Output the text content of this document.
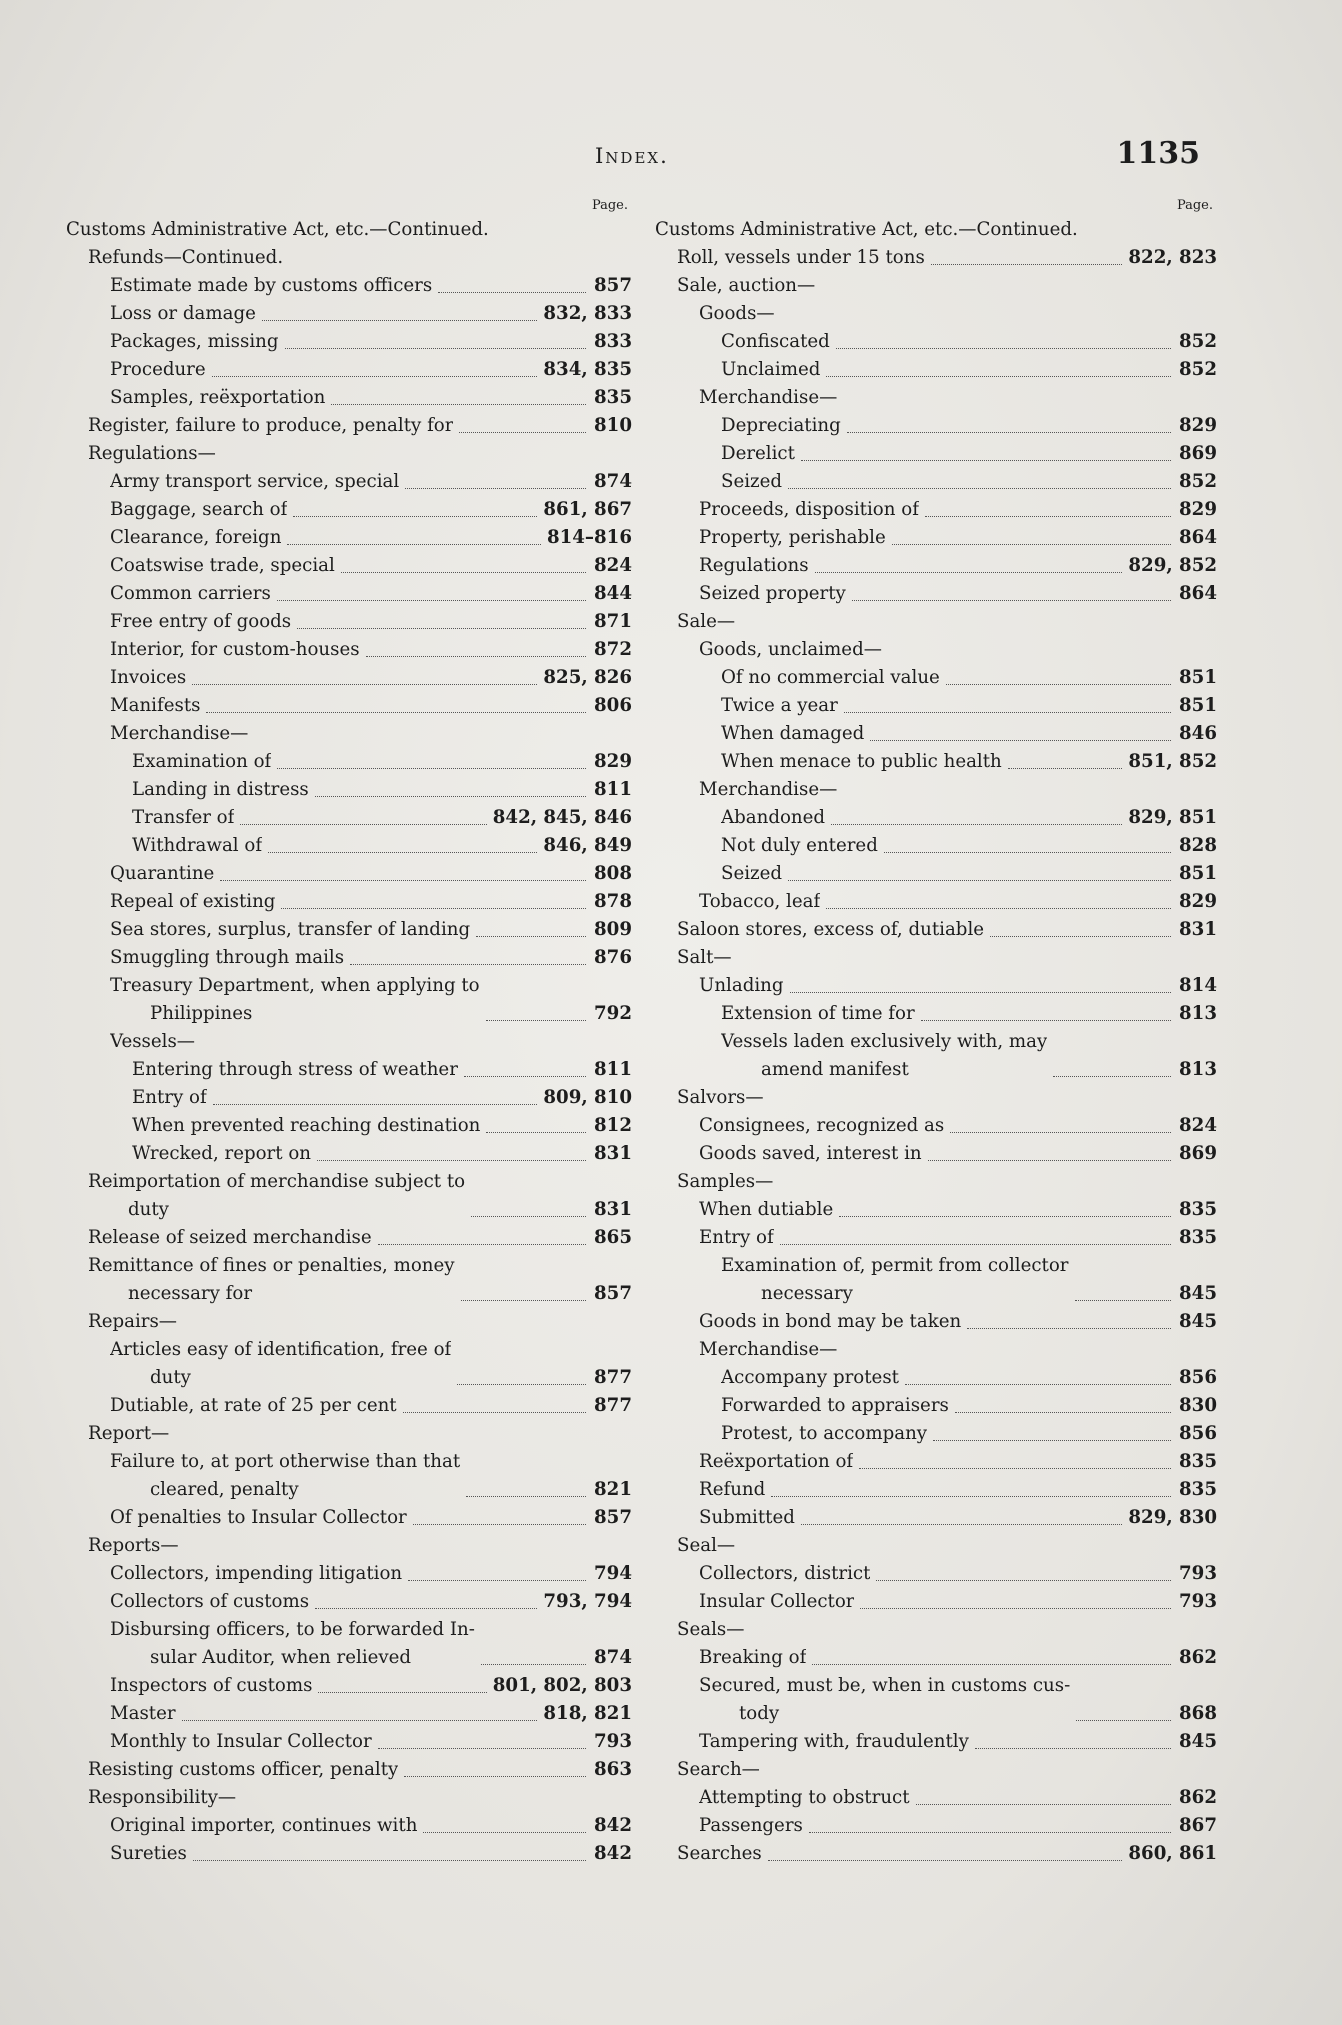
Index.	1135
Page.
Customs Administrative Act, etc.—Continued.
Refunds—Continued.
Estimate made by customs officers	857
Loss or damage	832, 833
Packages, missing	833
Procedure	834, 835
Samples, reëxportation	835
Register, failure to produce, penalty for	810
Regulations—
Army transport service, special	874
Baggage, search of	861, 867
Clearance, foreign	814–816
Coatswise trade, special	824
Common carriers	844
Free entry of goods	871
Interior, for custom-houses	872
Invoices	825, 826
Manifests	806
Merchandise—
Examination of	829
Landing in distress	811
Transfer of	842, 845, 846
Withdrawal of	846, 849
Quarantine	808
Repeal of existing	878
Sea stores, surplus, transfer of landing	809
Smuggling through mails	876
Treasury Department, when applying to
Philippines	792
Vessels—
Entering through stress of weather	811
Entry of	809, 810
When prevented reaching destination	812
Wrecked, report on	831
Reimportation of merchandise subject to
duty	831
Release of seized merchandise	865
Remittance of fines or penalties, money
necessary for	857
Repairs—
Articles easy of identification, free of
duty	877
Dutiable, at rate of 25 per cent	877
Report—
Failure to, at port otherwise than that
cleared, penalty	821
Of penalties to Insular Collector	857
Reports—
Collectors, impending litigation	794
Collectors of customs	793, 794
Disbursing officers, to be forwarded In-
sular Auditor, when relieved	874
Inspectors of customs	801, 802, 803
Master	818, 821
Monthly to Insular Collector	793
Resisting customs officer, penalty	863
Responsibility—
Original importer, continues with	842
Sureties	842
Page.
Customs Administrative Act, etc.—Continued.
Roll, vessels under 15 tons	822, 823
Sale, auction—
Goods—
Confiscated	852
Unclaimed	852
Merchandise—
Depreciating	829
Derelict	869
Seized	852
Proceeds, disposition of	829
Property, perishable	864
Regulations	829, 852
Seized property	864
Sale—
Goods, unclaimed—
Of no commercial value	851
Twice a year	851
When damaged	846
When menace to public health	851, 852
Merchandise—
Abandoned	829, 851
Not duly entered	828
Seized	851
Tobacco, leaf	829
Saloon stores, excess of, dutiable	831
Salt—
Unlading	814
Extension of time for	813
Vessels laden exclusively with, may
amend manifest	813
Salvors—
Consignees, recognized as	824
Goods saved, interest in	869
Samples—
When dutiable	835
Entry of	835
Examination of, permit from collector
necessary	845
Goods in bond may be taken	845
Merchandise—
Accompany protest	856
Forwarded to appraisers	830
Protest, to accompany	856
Reëxportation of	835
Refund	835
Submitted	829, 830
Seal—
Collectors, district	793
Insular Collector	793
Seals—
Breaking of	862
Secured, must be, when in customs cus-
tody	868
Tampering with, fraudulently	845
Search—
Attempting to obstruct	862
Passengers	867
Searches	860, 861
